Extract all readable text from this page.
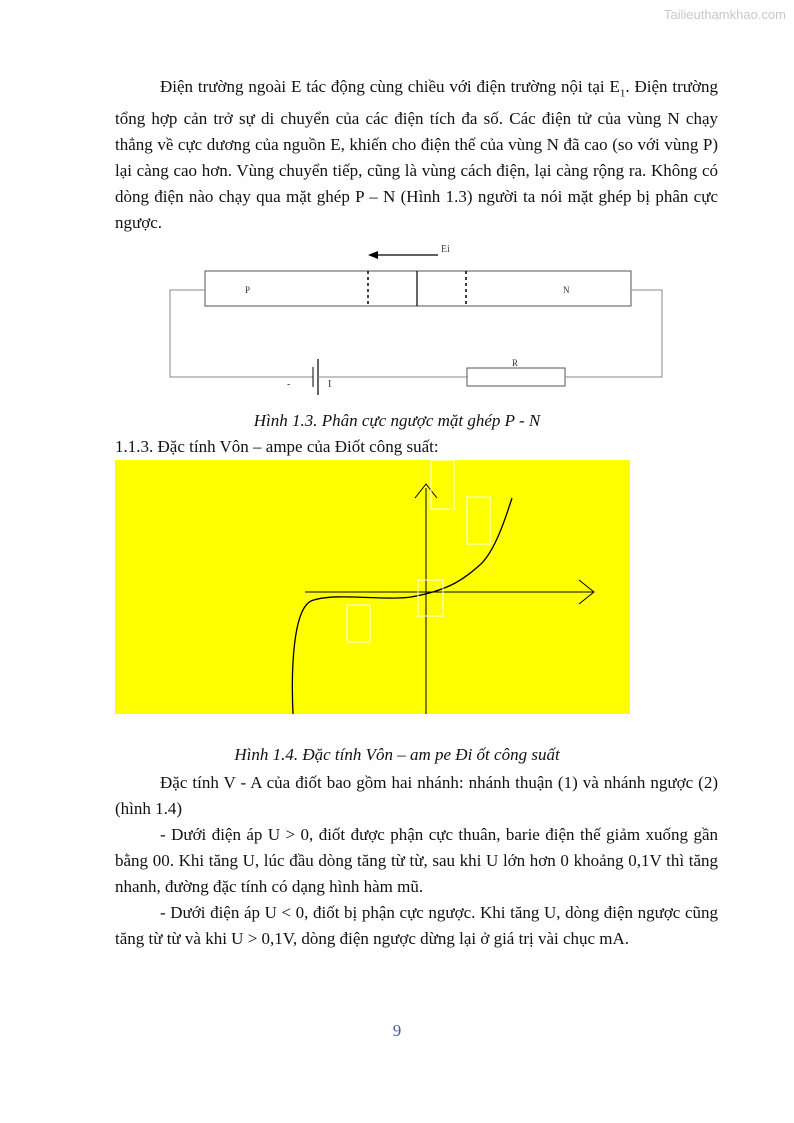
Tailieuthamkhao.com

Điện trường ngoài E tác động cùng chiều với điện trường nội tại $E_1$. Điện trường tổng hợp cản trở sự di chuyển của các điện tích đa số. Các điện tử của vùng N chạy thẳng về cực dương của nguồn E, khiến cho điện thế của vùng N đã cao (so với vùng P) lại càng cao hơn. Vùng chuyển tiếp, cũng là vùng cách điện, lại càng rộng ra. Không có dòng điện nào chạy qua mặt ghép P – N (Hình 1.3) người ta nói mặt ghép bị phân cực ngược.

Ei
P	N
-	I
R

Hình 1.3. Phân cực ngược mặt ghép P - N

1.1.3. Đặc tính Vôn – ampe của Điốt công suất:

Hình 1.4. Đặc tính Vôn – am pe Đi ốt công suất

Đặc tính V - A của điốt bao gồm hai nhánh: nhánh thuận (1) và nhánh ngược (2) (hình 1.4)

- Dưới điện áp U > 0, điốt được phận cực thuân, barie điện thế giảm xuống gần bằng 00. Khi tăng U, lúc đầu dòng tăng từ từ, sau khi U lớn hơn 0 khoảng 0,1V thì tăng nhanh, đường đặc tính có dạng hình hàm mũ.

- Dưới điện áp U < 0, điốt bị phận cực ngược. Khi tăng U, dòng điện ngược cũng tăng từ từ và khi U > 0,1V, dòng điện ngược dừng lại ở giá trị vài chục mA.

9
